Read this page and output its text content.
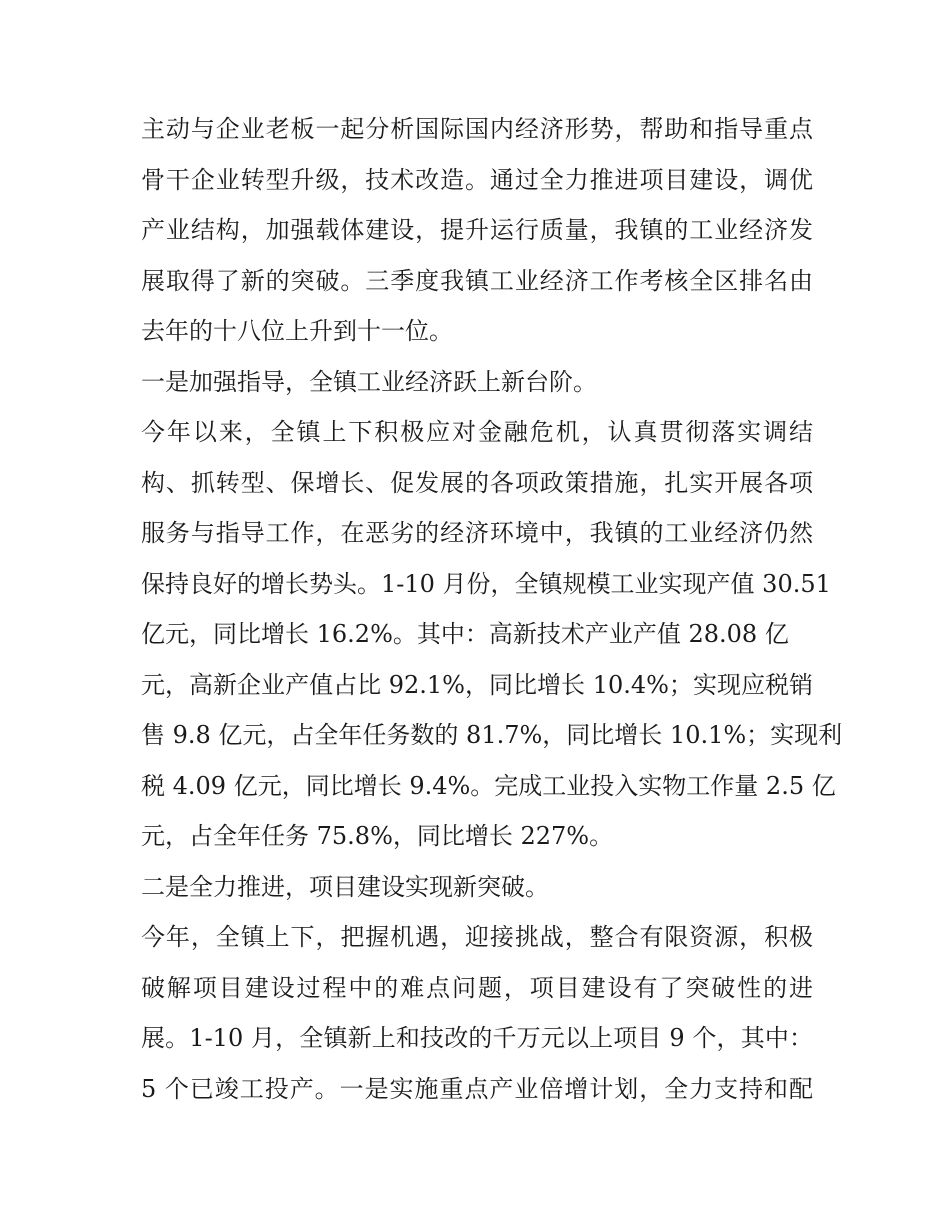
主动与企业老板一起分析国际国内经济形势，帮助和指导重点
骨干企业转型升级，技术改造。通过全力推进项目建设，调优
产业结构，加强载体建设，提升运行质量，我镇的工业经济发
展取得了新的突破。三季度我镇工业经济工作考核全区排名由
去年的十八位上升到十一位。
一是加强指导，全镇工业经济跃上新台阶。
今年以来，全镇上下积极应对金融危机，认真贯彻落实调结
构、抓转型、保增长、促发展的各项政策措施，扎实开展各项
服务与指导工作，在恶劣的经济环境中，我镇的工业经济仍然
保持良好的增长势头。1-10 月份，全镇规模工业实现产值 30.51
亿元，同比增长 16.2%。其中：高新技术产业产值 28.08 亿
元，高新企业产值占比 92.1%，同比增长 10.4%；实现应税销
售 9.8 亿元，占全年任务数的 81.7%，同比增长 10.1%；实现利
税 4.09 亿元，同比增长 9.4%。完成工业投入实物工作量 2.5 亿
元，占全年任务 75.8%，同比增长 227%。
二是全力推进，项目建设实现新突破。
今年，全镇上下，把握机遇，迎接挑战，整合有限资源，积极
破解项目建设过程中的难点问题，项目建设有了突破性的进
展。1-10 月，全镇新上和技改的千万元以上项目 9 个，其中：
5 个已竣工投产。一是实施重点产业倍增计划，全力支持和配
